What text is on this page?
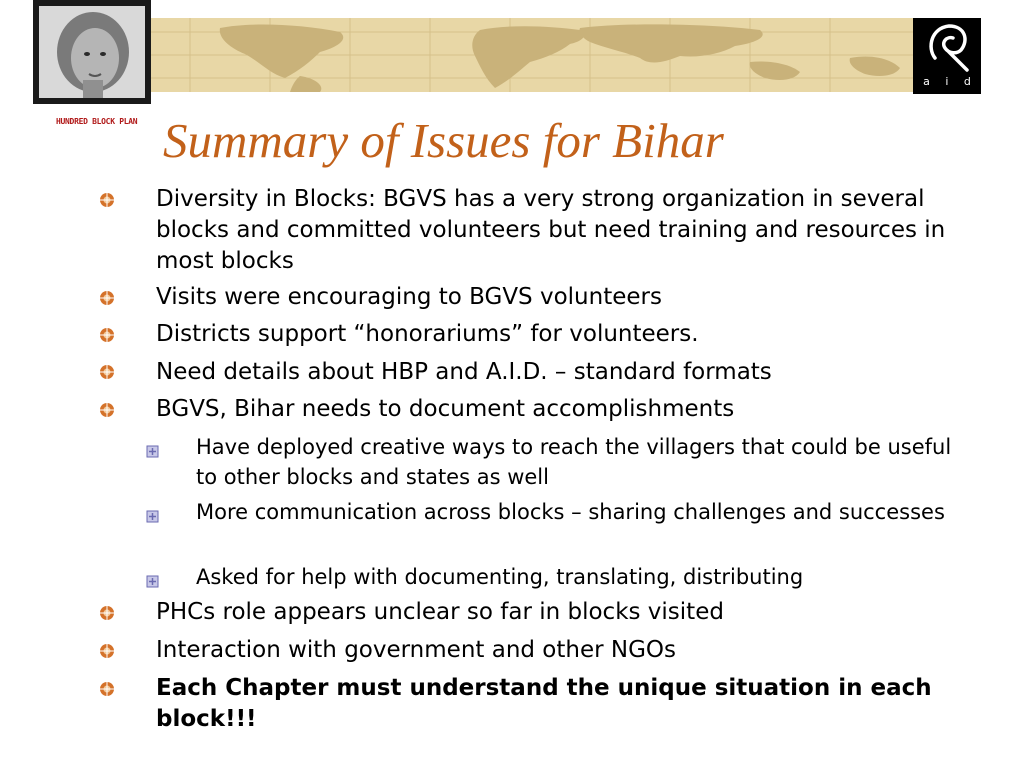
HUNDRED BLOCK PLAN
a i d
Summary of Issues for Bihar
Diversity in Blocks: BGVS has a very strong organization in several blocks and committed volunteers but need training and resources in most blocks
Visits were encouraging to BGVS volunteers
Districts support “honorariums” for volunteers.
Need details about HBP and A.I.D. – standard formats
BGVS, Bihar needs to document accomplishments
Have deployed creative ways to reach the villagers that could be useful to other blocks and states as well
More communication across blocks – sharing challenges and successes
Asked for help with documenting, translating, distributing
PHCs role appears unclear so far in blocks visited
Interaction with government and other NGOs
Each Chapter must understand the unique situation in each block!!!
